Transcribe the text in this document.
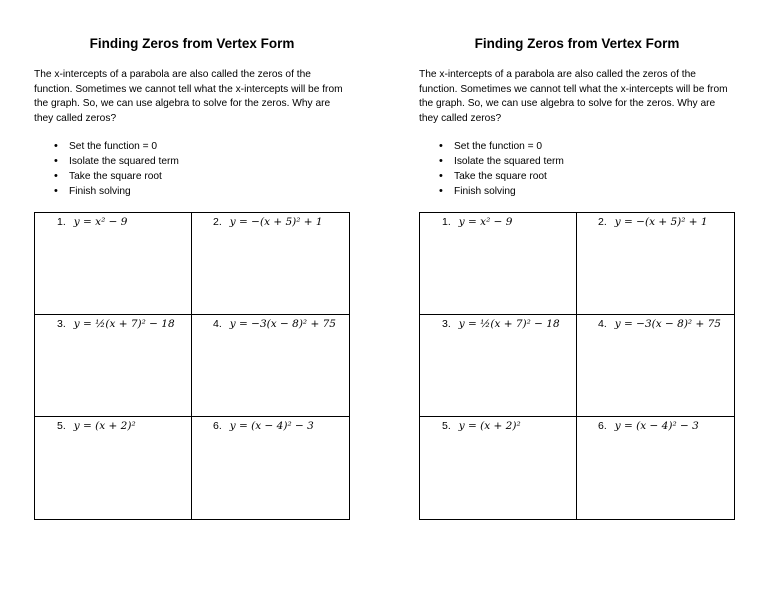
Finding Zeros from Vertex Form
The x-intercepts of a parabola are also called the zeros of the function. Sometimes we cannot tell what the x-intercepts will be from the graph. So, we can use algebra to solve for the zeros. Why are they called zeros?
• Set the function = 0
• Isolate the squared term
• Take the square root
• Finish solving
1. y = x² − 9	2. y = −(x + 5)² + 1
3. y = ½(x + 7)² − 18	4. y = −3(x − 8)² + 75
5. y = (x + 2)²	6. y = (x − 4)² − 3
Finding Zeros from Vertex Form
The x-intercepts of a parabola are also called the zeros of the function. Sometimes we cannot tell what the x-intercepts will be from the graph. So, we can use algebra to solve for the zeros. Why are they called zeros?
• Set the function = 0
• Isolate the squared term
• Take the square root
• Finish solving
1. y = x² − 9	2. y = −(x + 5)² + 1
3. y = ½(x + 7)² − 18	4. y = −3(x − 8)² + 75
5. y = (x + 2)²	6. y = (x − 4)² − 3
